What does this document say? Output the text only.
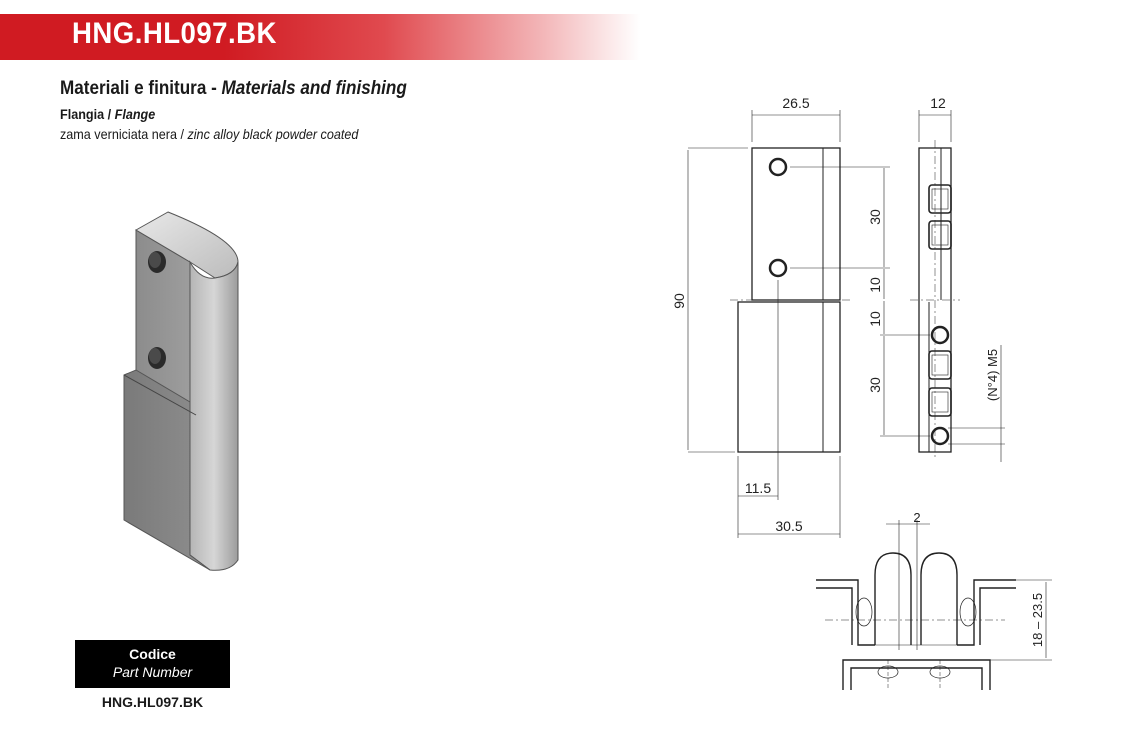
HNG.HL097.BK
Materiali e finitura - Materials and finishing
Flangia / Flange
zama verniciata nera / zinc alloy black powder coated
26.5
90
11.5
30.5
30
10
10
30
12
(N°4) M5
2
18 – 23.5
Codice
Part Number
HNG.HL097.BK
